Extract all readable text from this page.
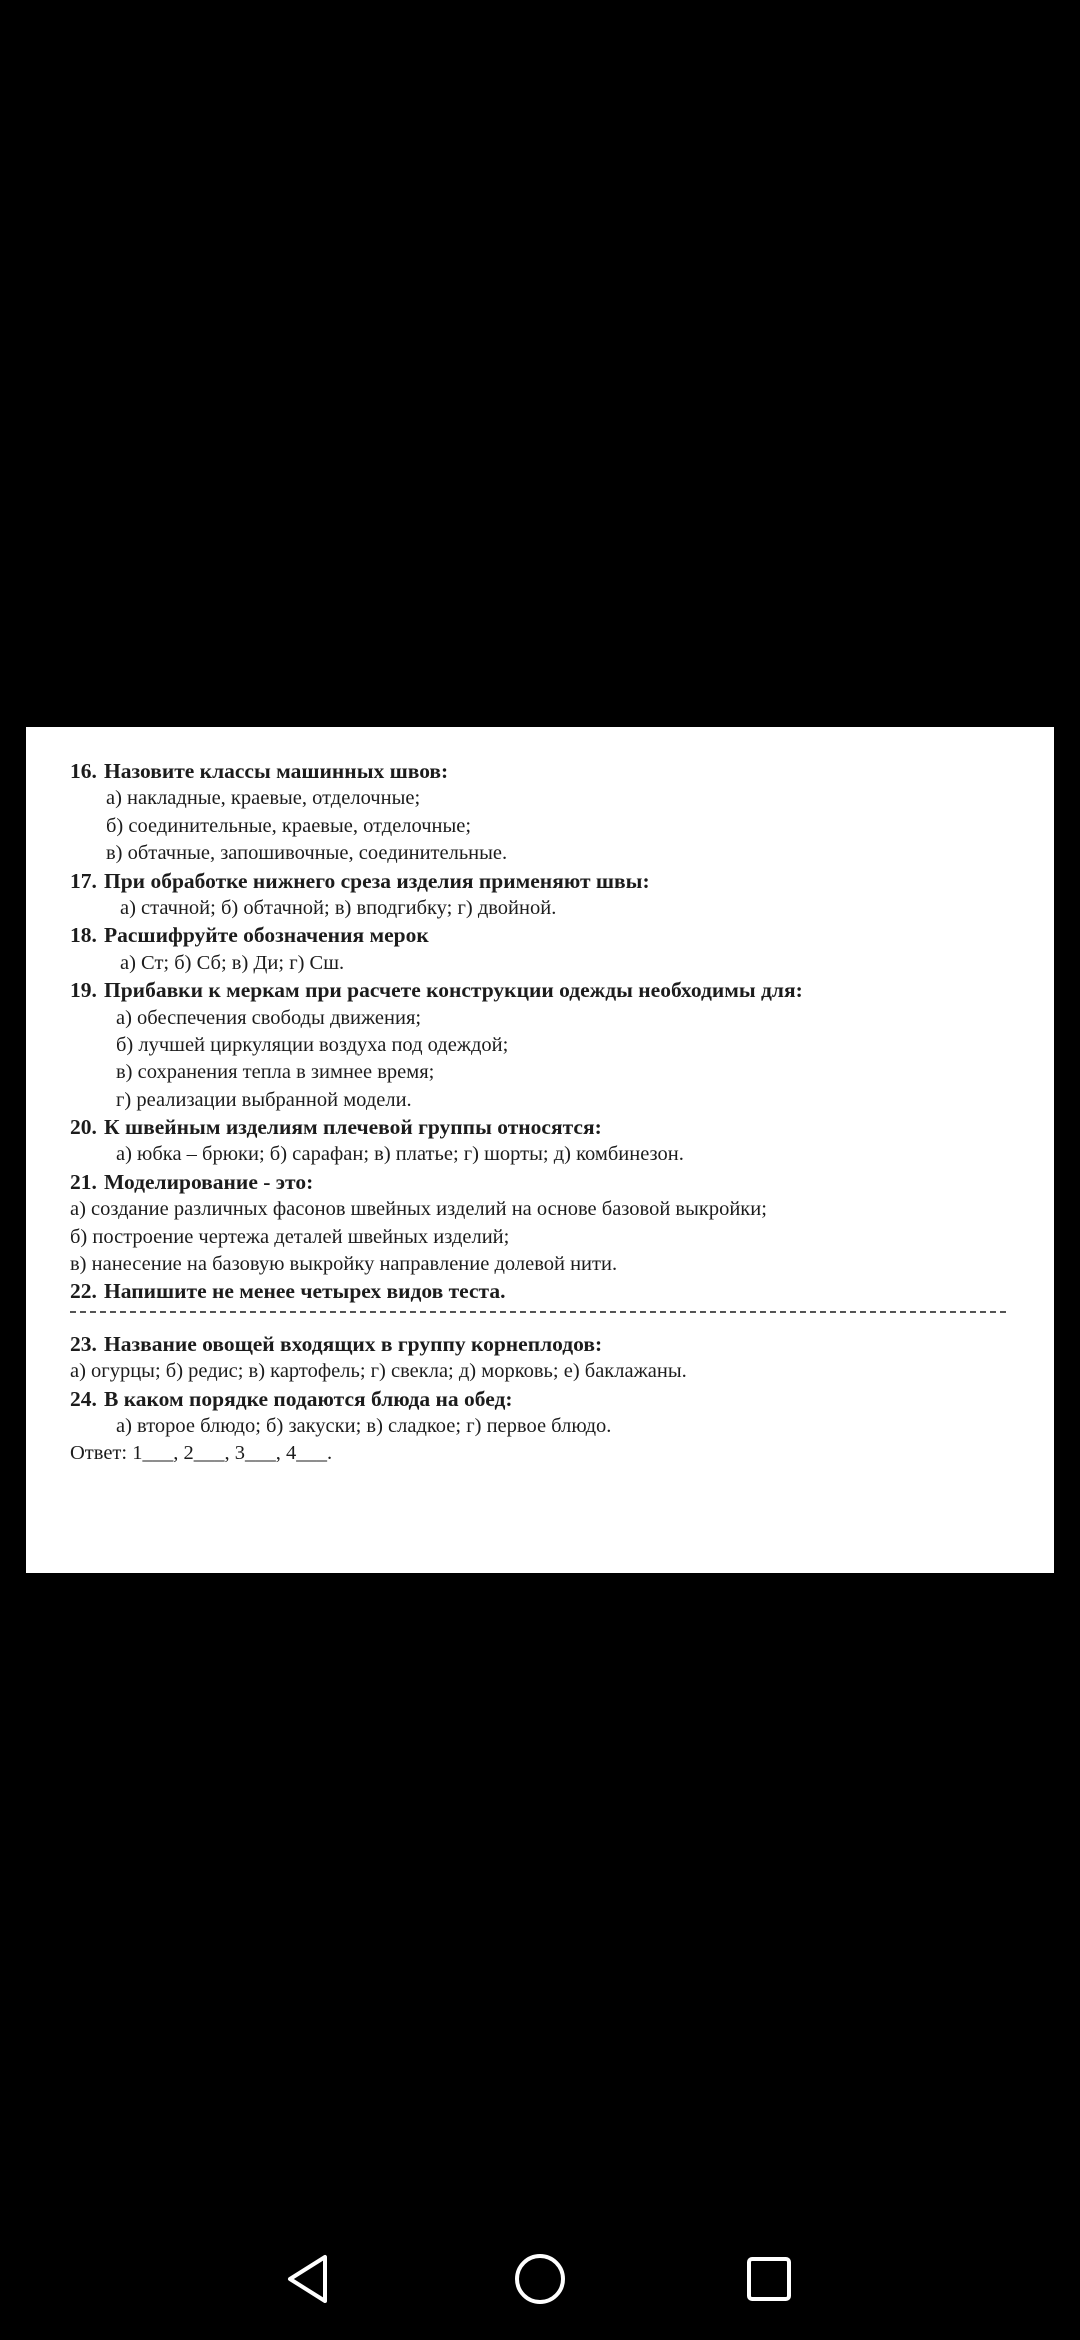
16. Назовите классы машинных швов:
а) накладные, краевые, отделочные;
б) соединительные, краевые, отделочные;
в) обтачные, запошивочные, соединительные.
17. При обработке нижнего среза изделия применяют швы:
а) стачной; б) обтачной; в) вподгибку; г) двойной.
18. Расшифруйте обозначения мерок
а) Ст; б) Сб; в) Ди; г) Сш.
19. Прибавки к меркам при расчете конструкции одежды необходимы для:
а) обеспечения свободы движения;
б) лучшей циркуляции воздуха под одеждой;
в) сохранения тепла в зимнее время;
г) реализации выбранной модели.
20. К швейным изделиям плечевой группы относятся:
а) юбка – брюки; б) сарафан; в) платье; г) шорты; д) комбинезон.
21. Моделирование - это:
а) создание различных фасонов швейных изделий на основе базовой выкройки;
б) построение чертежа деталей швейных изделий;
в) нанесение на базовую выкройку направление долевой нити.
22. Напишите не менее четырех видов теста.
23. Название овощей входящих в группу корнеплодов:
а) огурцы; б) редис; в) картофель; г) свекла; д) морковь; е) баклажаны.
24. В каком порядке подаются блюда на обед:
а) второе блюдо; б) закуски; в) сладкое; г) первое блюдо.
Ответ: 1___, 2___, 3___, 4___.
